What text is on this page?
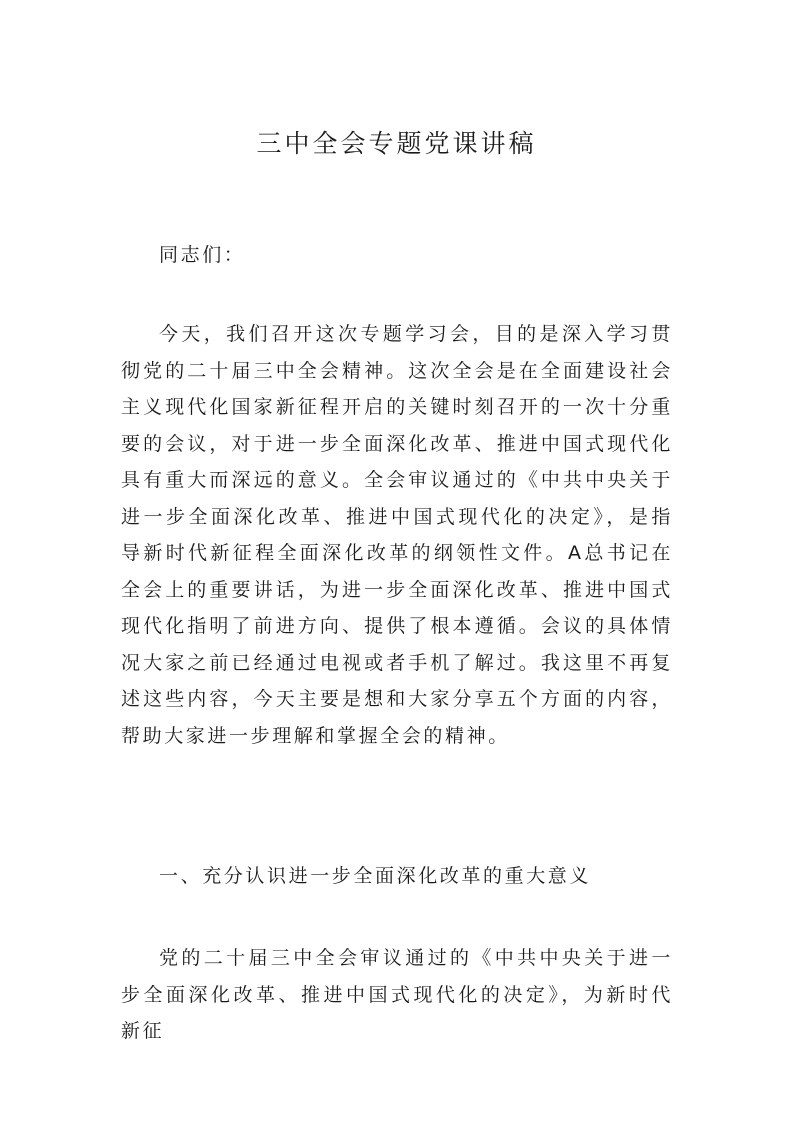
三中全会专题党课讲稿

同志们：

今天，我们召开这次专题学习会，目的是深入学习贯彻党的二十届三中全会精神。这次全会是在全面建设社会主义现代化国家新征程开启的关键时刻召开的一次十分重要的会议，对于进一步全面深化改革、推进中国式现代化具有重大而深远的意义。全会审议通过的《中共中央关于进一步全面深化改革、推进中国式现代化的决定》，是指导新时代新征程全面深化改革的纲领性文件。A总书记在全会上的重要讲话，为进一步全面深化改革、推进中国式现代化指明了前进方向、提供了根本遵循。会议的具体情况大家之前已经通过电视或者手机了解过。我这里不再复述这些内容，今天主要是想和大家分享五个方面的内容，帮助大家进一步理解和掌握全会的精神。

一、充分认识进一步全面深化改革的重大意义

党的二十届三中全会审议通过的《中共中央关于进一步全面深化改革、推进中国式现代化的决定》，为新时代新征
